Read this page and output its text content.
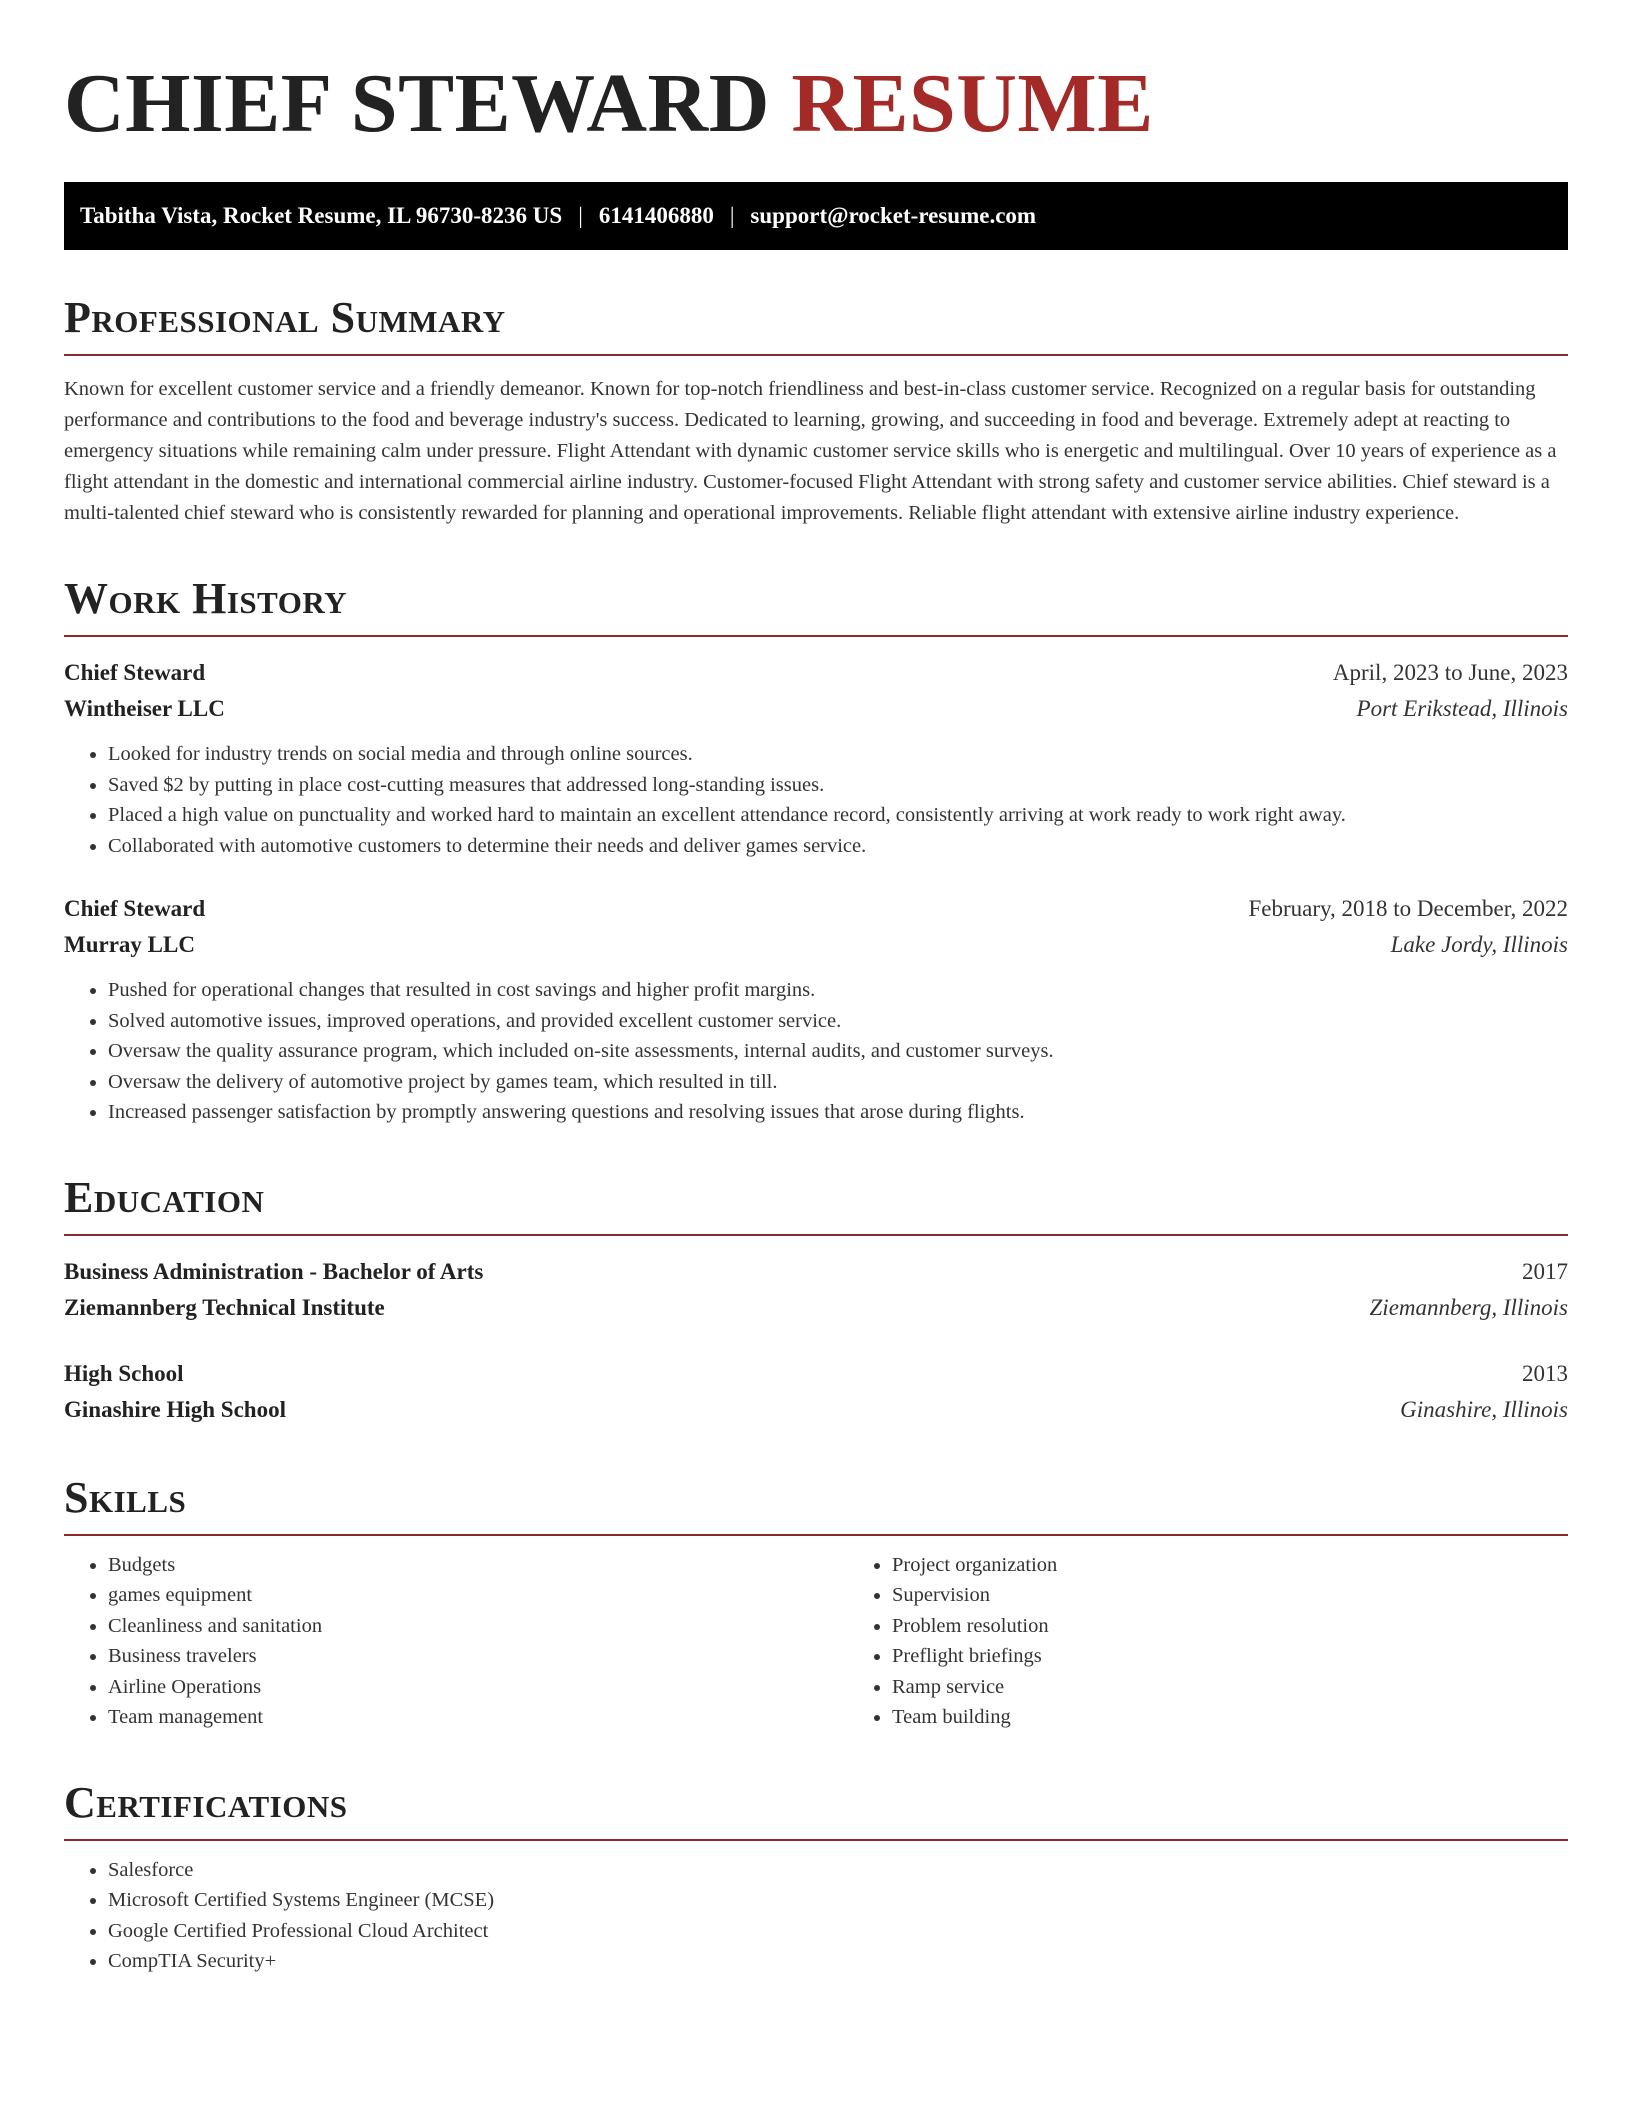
CHIEF STEWARD RESUME
Tabitha Vista, Rocket Resume, IL 96730-8236 US | 6141406880 | support@rocket-resume.com
Professional Summary

Known for excellent customer service and a friendly demeanor. Known for top-notch friendliness and best-in-class customer service. Recognized on a regular basis for outstanding performance and contributions to the food and beverage industry's success. Dedicated to learning, growing, and succeeding in food and beverage. Extremely adept at reacting to emergency situations while remaining calm under pressure. Flight Attendant with dynamic customer service skills who is energetic and multilingual. Over 10 years of experience as a flight attendant in the domestic and international commercial airline industry. Customer-focused Flight Attendant with strong safety and customer service abilities. Chief steward is a multi-talented chief steward who is consistently rewarded for planning and operational improvements. Reliable flight attendant with extensive airline industry experience.

Work History
Chief Steward	April, 2023 to June, 2023
Wintheiser LLC	Port Erikstead, Illinois
• Looked for industry trends on social media and through online sources.
• Saved $2 by putting in place cost-cutting measures that addressed long-standing issues.
• Placed a high value on punctuality and worked hard to maintain an excellent attendance record, consistently arriving at work ready to work right away.
• Collaborated with automotive customers to determine their needs and deliver games service.
Chief Steward	February, 2018 to December, 2022
Murray LLC	Lake Jordy, Illinois
• Pushed for operational changes that resulted in cost savings and higher profit margins.
• Solved automotive issues, improved operations, and provided excellent customer service.
• Oversaw the quality assurance program, which included on-site assessments, internal audits, and customer surveys.
• Oversaw the delivery of automotive project by games team, which resulted in till.
• Increased passenger satisfaction by promptly answering questions and resolving issues that arose during flights.
Education
Business Administration - Bachelor of Arts	2017
Ziemannberg Technical Institute	Ziemannberg, Illinois
High School	2013
Ginashire High School	Ginashire, Illinois
Skills
• Budgets
• games equipment
• Cleanliness and sanitation
• Business travelers
• Airline Operations
• Team management
• Project organization
• Supervision
• Problem resolution
• Preflight briefings
• Ramp service
• Team building
Certifications
• Salesforce
• Microsoft Certified Systems Engineer (MCSE)
• Google Certified Professional Cloud Architect
• CompTIA Security+
